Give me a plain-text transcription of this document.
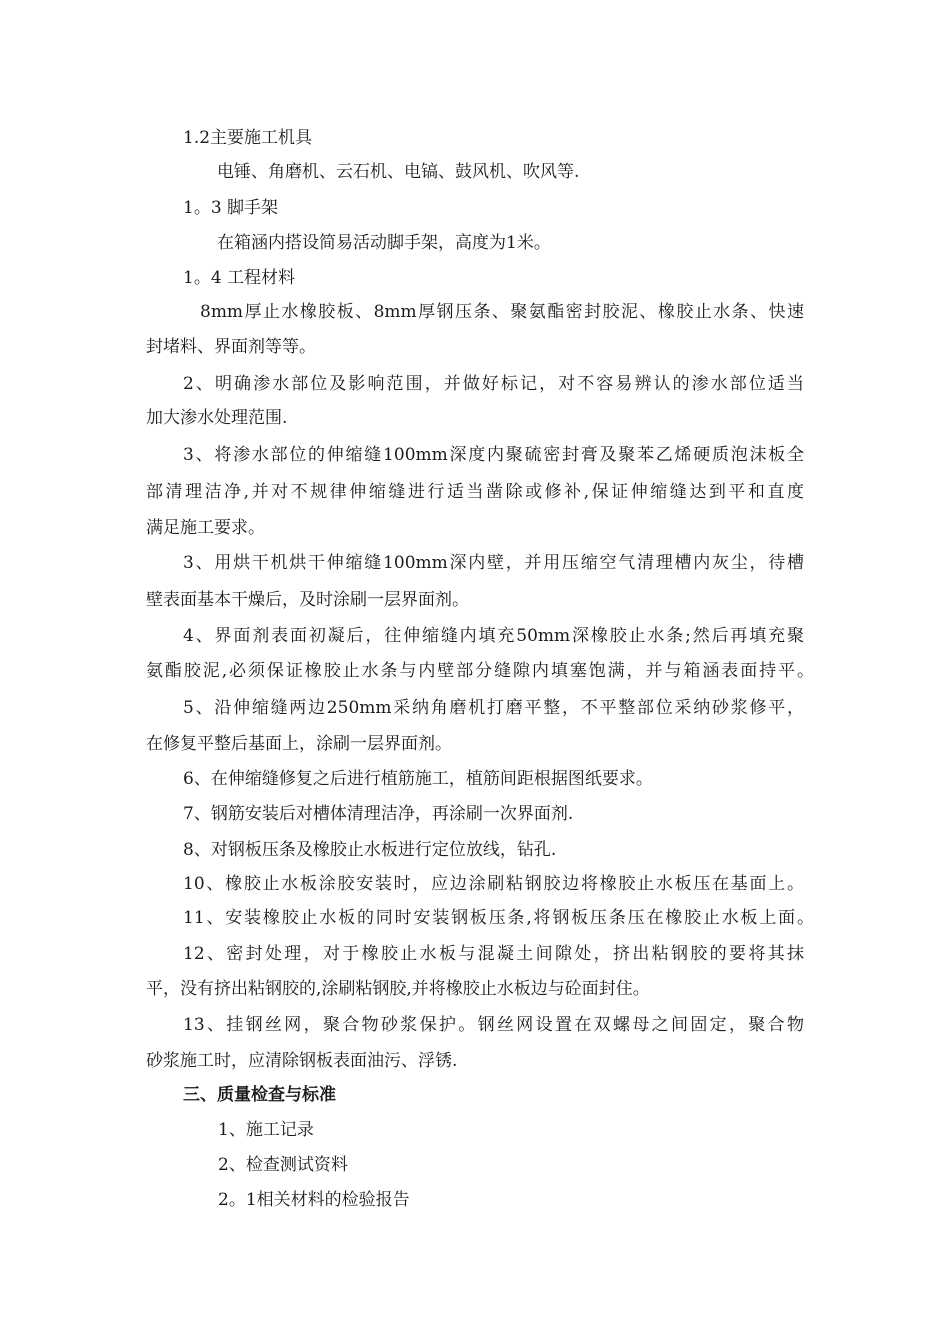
1.2主要施工机具
电锤、角磨机、云石机、电镐、鼓风机、吹风等.
1。3 脚手架
在箱涵内搭设简易活动脚手架，高度为1米。
1。4 工程材料
8mm厚止水橡胶板、8mm厚钢压条、聚氨酯密封胶泥、橡胶止水条、快速
封堵料、界面剂等等。
2、明确渗水部位及影响范围，并做好标记，对不容易辨认的渗水部位适当
加大渗水处理范围.
3、将渗水部位的伸缩缝100mm深度内聚硫密封膏及聚苯乙烯硬质泡沫板全
部清理洁净,并对不规律伸缩缝进行适当凿除或修补,保证伸缩缝达到平和直度
满足施工要求。
3、用烘干机烘干伸缩缝100mm深内壁，并用压缩空气清理槽内灰尘，待槽
壁表面基本干燥后，及时涂刷一层界面剂。
4、界面剂表面初凝后，往伸缩缝内填充50mm深橡胶止水条;然后再填充聚
氨酯胶泥,必须保证橡胶止水条与内壁部分缝隙内填塞饱满，并与箱涵表面持平。
5、沿伸缩缝两边250mm采纳角磨机打磨平整，不平整部位采纳砂浆修平，
在修复平整后基面上，涂刷一层界面剂。
6、在伸缩缝修复之后进行植筋施工，植筋间距根据图纸要求。
7、钢筋安装后对槽体清理洁净，再涂刷一次界面剂.
8、对钢板压条及橡胶止水板进行定位放线，钻孔.
10、橡胶止水板涂胶安装时，应边涂刷粘钢胶边将橡胶止水板压在基面上。
11、安装橡胶止水板的同时安装钢板压条,将钢板压条压在橡胶止水板上面。
12、密封处理，对于橡胶止水板与混凝土间隙处，挤出粘钢胶的要将其抹
平，没有挤出粘钢胶的,涂刷粘钢胶,并将橡胶止水板边与砼面封住。
13、挂钢丝网，聚合物砂浆保护。钢丝网设置在双螺母之间固定，聚合物
砂浆施工时，应清除钢板表面油污、浮锈.
三、质量检查与标准
1、施工记录
2、检查测试资料
2。1相关材料的检验报告
